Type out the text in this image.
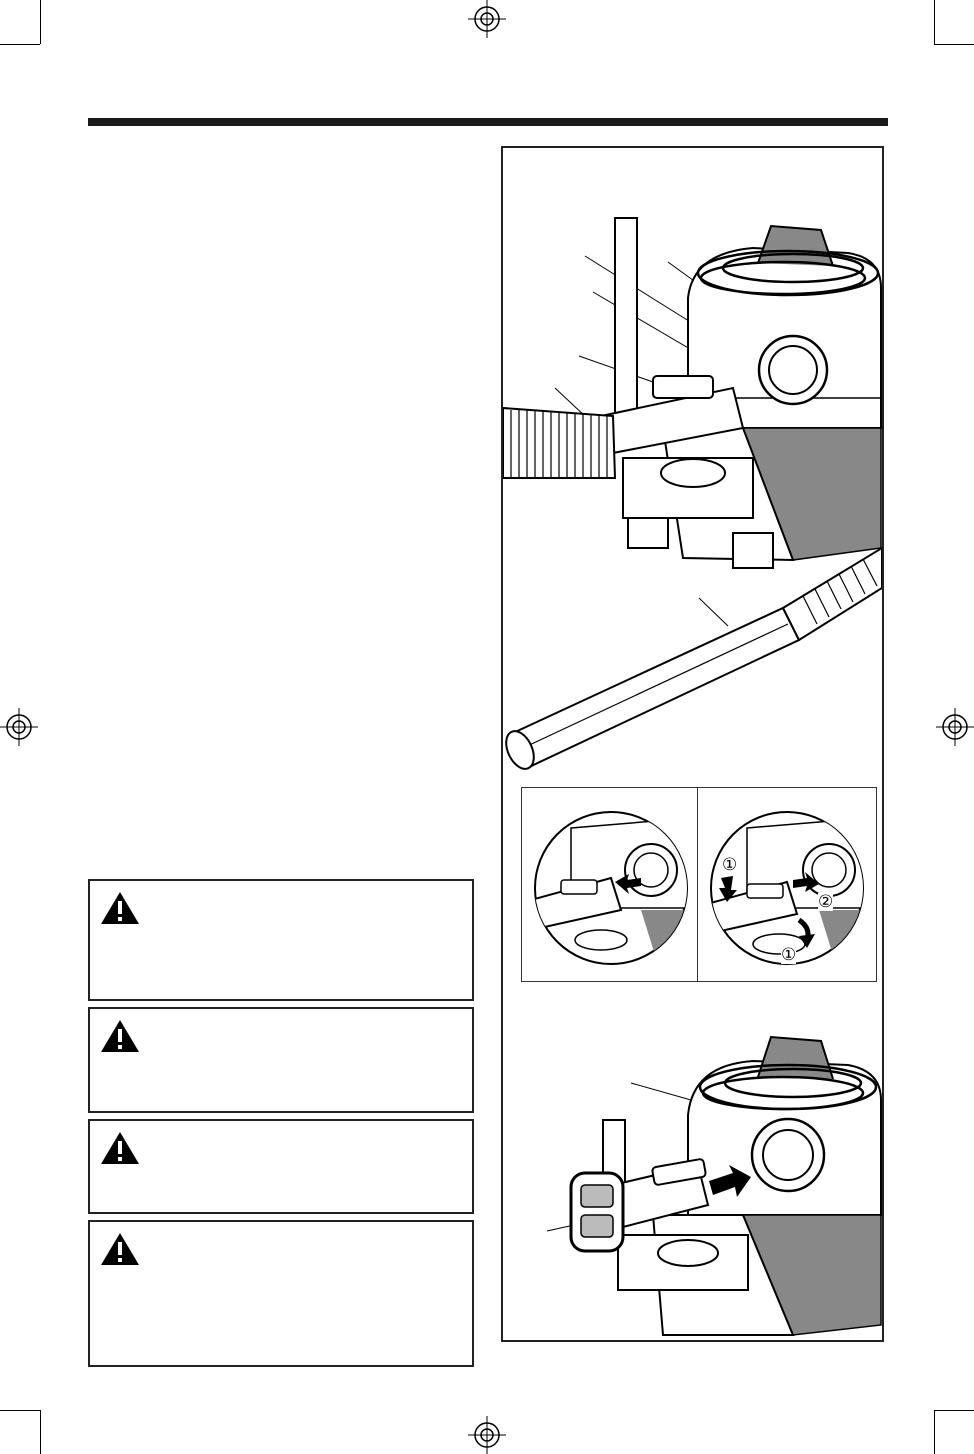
①
②
①
